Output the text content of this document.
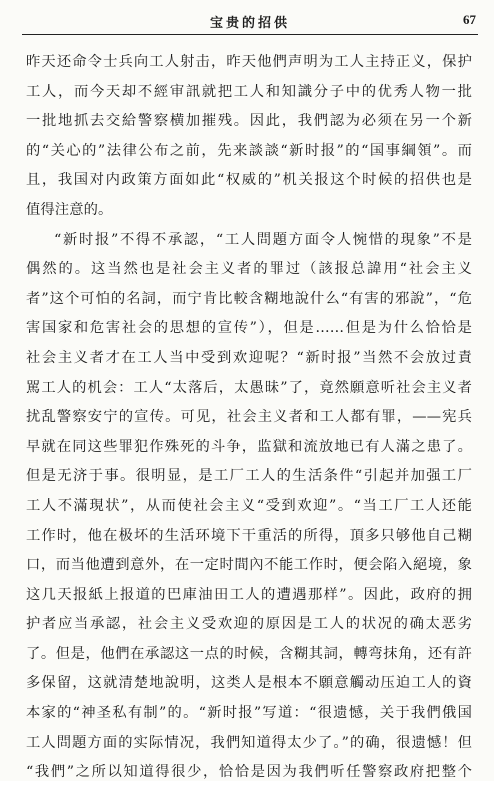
宝贵的招供	67
昨天还命令士兵向工人射击，昨天他們声明为工人主持正义，保护
工人，而今天却不經审訊就把工人和知識分子中的优秀人物一批
一批地抓去交給警察横加摧残。因此，我們認为必须在另一个新
的“关心的”法律公布之前，先来談談“新时报”的“国事綱領”。而
且，我国对内政策方面如此“权威的”机关报这个时候的招供也是
值得注意的。
“新时报”不得不承認，“工人問題方面令人惋惜的現象”不是
偶然的。这当然也是社会主义者的罪过（該报总諱用“社会主义
者”这个可怕的名詞，而宁肯比較含糊地說什么“有害的邪說”，“危
害国家和危害社会的思想的宣传”），但是……但是为什么恰恰是
社会主义者才在工人当中受到欢迎呢？“新时报”当然不会放过責
駡工人的机会：工人“太落后，太愚昧”了，竟然願意听社会主义者
扰乱警察安宁的宣传。可见，社会主义者和工人都有罪，——宪兵
早就在同这些罪犯作殊死的斗争，监獄和流放地已有人滿之患了。
但是无济于事。很明显，是工厂工人的生活条件“引起并加强工厂
工人不滿現状”，从而使社会主义“受到欢迎”。“当工厂工人还能
工作时，他在极坏的生活环境下干重活的所得，頂多只够他自己糊
口，而当他遭到意外，在一定时間內不能工作时，便会陷入絕境，象
这几天报紙上报道的巴庫油田工人的遭遇那样”。因此，政府的拥
护者应当承認，社会主义受欢迎的原因是工人的状况的确太恶劣
了。但是，他們在承認这一点的时候，含糊其詞，轉弯抹角，还有許
多保留，这就清楚地說明，这类人是根本不願意觸动压迫工人的資
本家的“神圣私有制”的。“新时报”写道：“很遗憾，关于我們俄国
工人問題方面的实际情况，我們知道得太少了。”的确，很遗憾！但
“我們”之所以知道得很少，恰恰是因为我們听任警察政府把整个
